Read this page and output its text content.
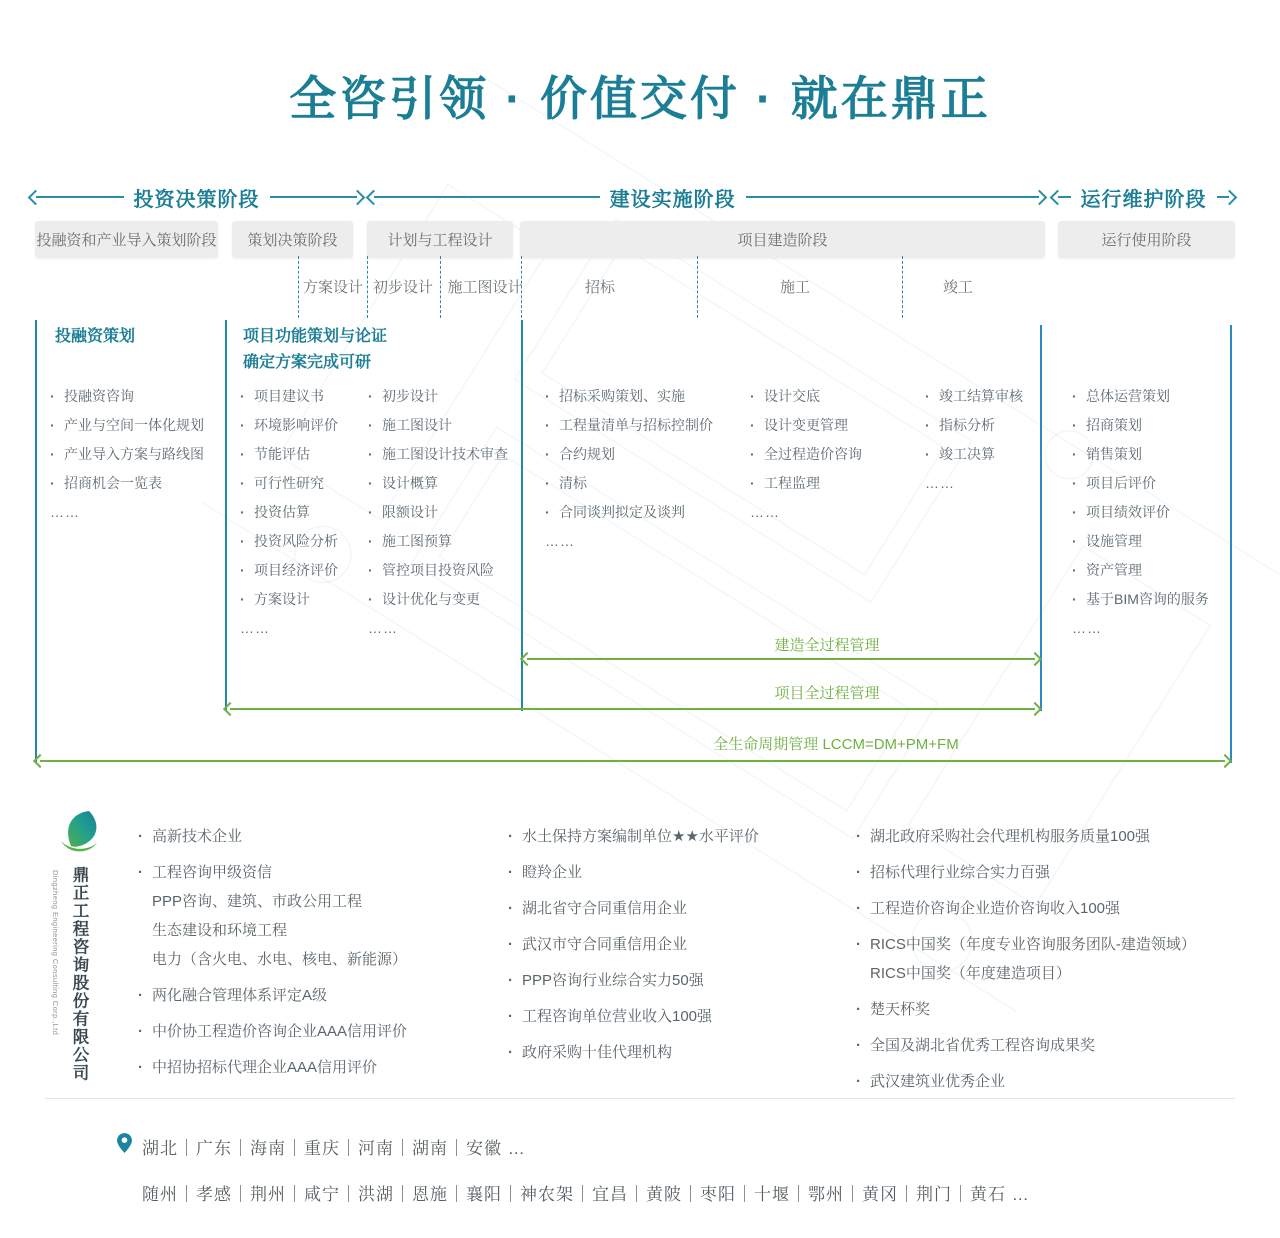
全咨引领 · 价值交付 · 就在鼎正
投资决策阶段	建设实施阶段	运行维护阶段
投融资和产业导入策划阶段	策划决策阶段	计划与工程设计	项目建造阶段	运行使用阶段
方案设计 初步设计 施工图设计	招标	施工	竣工
投融资策划	项目功能策划与论证
确定方案完成可研
· 投融资咨询
· 产业与空间一体化规划
· 产业导入方案与路线图
· 招商机会一览表
……
· 项目建议书
· 环境影响评价
· 节能评估
· 可行性研究
· 投资估算
· 投资风险分析
· 项目经济评价
· 方案设计
……
· 初步设计
· 施工图设计
· 施工图设计技术审查
· 设计概算
· 限额设计
· 施工图预算
· 管控项目投资风险
· 设计优化与变更
……
· 招标采购策划、实施
· 工程量清单与招标控制价
· 合约规划
· 清标
· 合同谈判拟定及谈判
……
· 设计交底
· 设计变更管理
· 全过程造价咨询
· 工程监理
……
· 竣工结算审核
· 指标分析
· 竣工决算
……
· 总体运营策划
· 招商策划
· 销售策划
· 项目后评价
· 项目绩效评价
· 设施管理
· 资产管理
· 基于BIM咨询的服务
……
建造全过程管理
项目全过程管理
全生命周期管理 LCCM=DM+PM+FM
鼎正工程咨询股份有限公司
Dingzheng Engineering Consulting Corp.,Ltd
· 高新技术企业
· 工程咨询甲级资信
PPP咨询、建筑、市政公用工程
生态建设和环境工程
电力（含火电、水电、核电、新能源）
· 两化融合管理体系评定A级
· 中价协工程造价咨询企业AAA信用评价
· 中招协招标代理企业AAA信用评价
· 水土保持方案编制单位★★水平评价
· 瞪羚企业
· 湖北省守合同重信用企业
· 武汉市守合同重信用企业
· PPP咨询行业综合实力50强
· 工程咨询单位营业收入100强
· 政府采购十佳代理机构
· 湖北政府采购社会代理机构服务质量100强
· 招标代理行业综合实力百强
· 工程造价咨询企业造价咨询收入100强
· RICS中国奖（年度专业咨询服务团队-建造领域）
RICS中国奖（年度建造项目）
· 楚天杯奖
· 全国及湖北省优秀工程咨询成果奖
· 武汉建筑业优秀企业
湖北｜广东｜海南｜重庆｜河南｜湖南｜安徽 …
随州｜孝感｜荆州｜咸宁｜洪湖｜恩施｜襄阳｜神农架｜宜昌｜黄陂｜枣阳｜十堰｜鄂州｜黄冈｜荆门｜黄石 …
